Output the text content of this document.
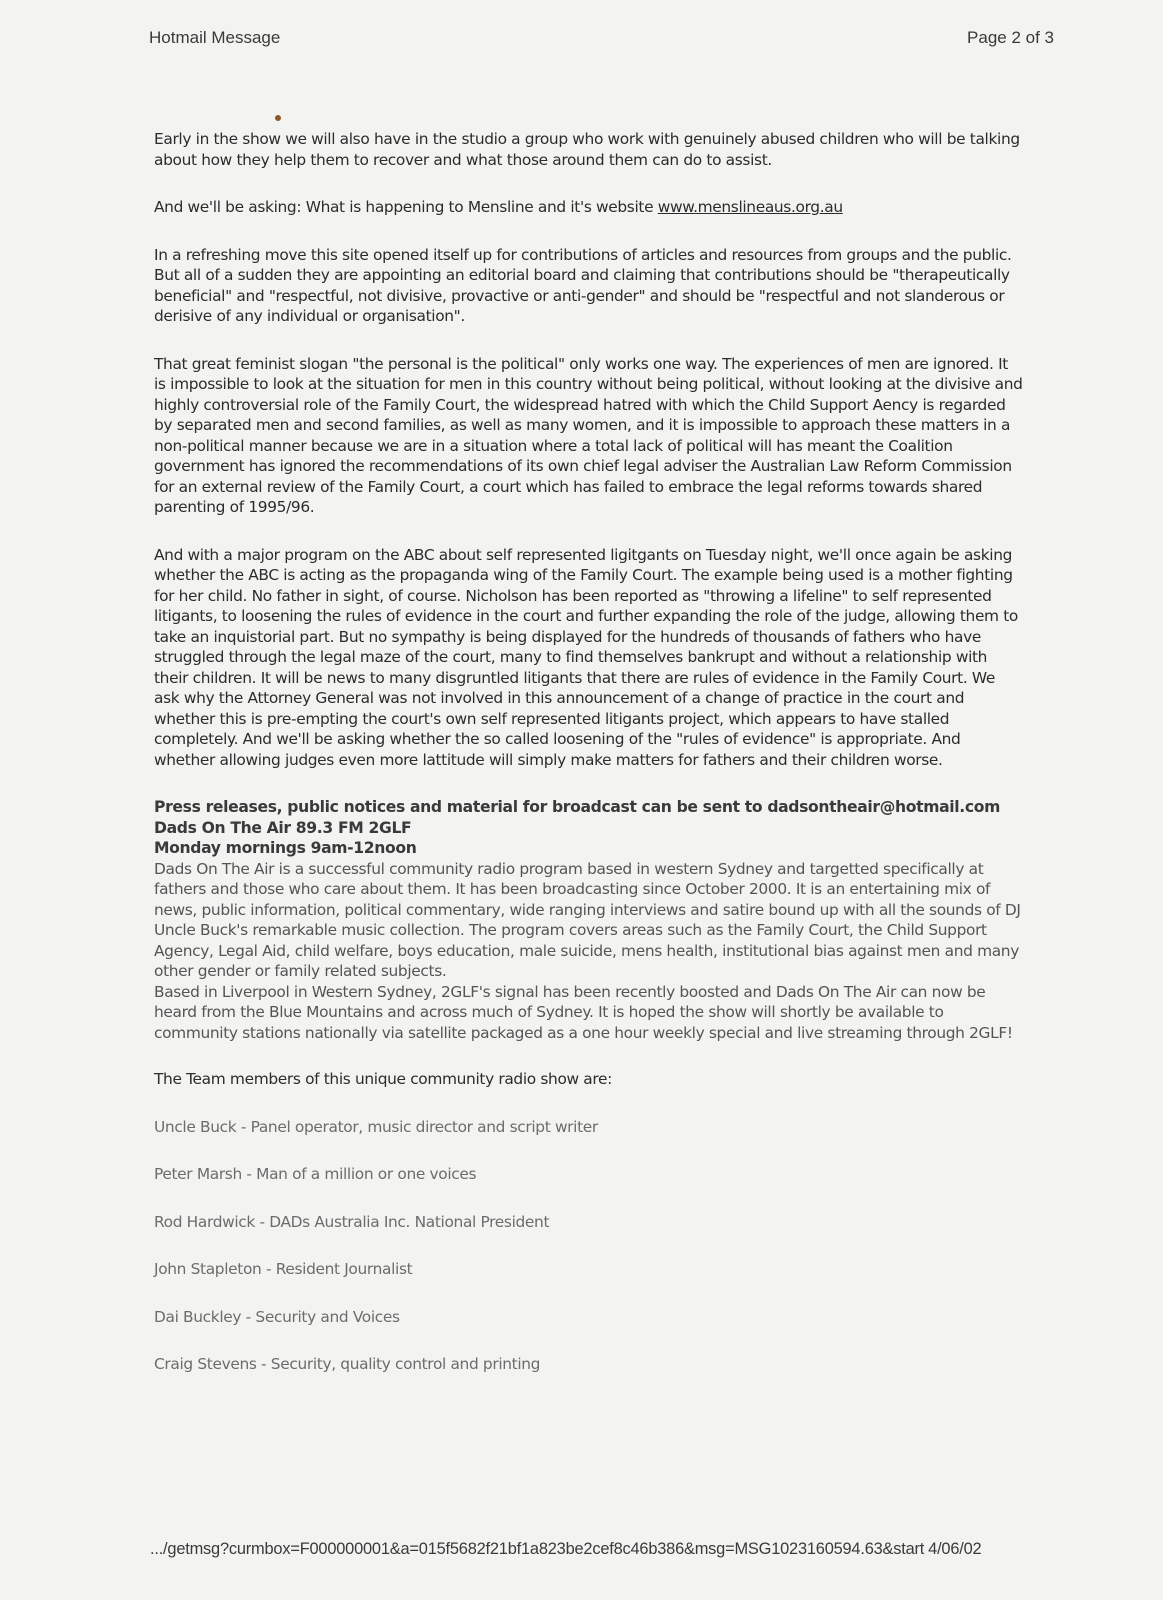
Hotmail Message	Page 2 of 3

Early in the show we will also have in the studio a group who work with genuinely abused children who will be talking about how they help them to recover and what those around them can do to assist.

And we'll be asking: What is happening to Mensline and it's website www.menslineaus.org.au

In a refreshing move this site opened itself up for contributions of articles and resources from groups and the public. But all of a sudden they are appointing an editorial board and claiming that contributions should be "therapeutically beneficial" and "respectful, not divisive, provactive or anti-gender" and should be "respectful and not slanderous or derisive of any individual or organisation".

That great feminist slogan "the personal is the political" only works one way. The experiences of men are ignored. It is impossible to look at the situation for men in this country without being political, without looking at the divisive and highly controversial role of the Family Court, the widespread hatred with which the Child Support Aency is regarded by separated men and second families, as well as many women, and it is impossible to approach these matters in a non-political manner because we are in a situation where a total lack of political will has meant the Coalition government has ignored the recommendations of its own chief legal adviser the Australian Law Reform Commission for an external review of the Family Court, a court which has failed to embrace the legal reforms towards shared parenting of 1995/96.

And with a major program on the ABC about self represented ligitgants on Tuesday night, we'll once again be asking whether the ABC is acting as the propaganda wing of the Family Court. The example being used is a mother fighting for her child. No father in sight, of course. Nicholson has been reported as "throwing a lifeline" to self represented litigants, to loosening the rules of evidence in the court and further expanding the role of the judge, allowing them to take an inquistorial part. But no sympathy is being displayed for the hundreds of thousands of fathers who have struggled through the legal maze of the court, many to find themselves bankrupt and without a relationship with their children. It will be news to many disgruntled litigants that there are rules of evidence in the Family Court. We ask why the Attorney General was not involved in this announcement of a change of practice in the court and whether this is pre-empting the court's own self represented litigants project, which appears to have stalled completely. And we'll be asking whether the so called loosening of the "rules of evidence" is appropriate. And whether allowing judges even more lattitude will simply make matters for fathers and their children worse.

Press releases, public notices and material for broadcast can be sent to dadsontheair@hotmail.com
Dads On The Air 89.3 FM 2GLF
Monday mornings 9am-12noon
Dads On The Air is a successful community radio program based in western Sydney and targetted specifically at fathers and those who care about them. It has been broadcasting since October 2000. It is an entertaining mix of news, public information, political commentary, wide ranging interviews and satire bound up with all the sounds of DJ Uncle Buck's remarkable music collection. The program covers areas such as the Family Court, the Child Support Agency, Legal Aid, child welfare, boys education, male suicide, mens health, institutional bias against men and many other gender or family related subjects.
Based in Liverpool in Western Sydney, 2GLF's signal has been recently boosted and Dads On The Air can now be heard from the Blue Mountains and across much of Sydney. It is hoped the show will shortly be available to community stations nationally via satellite packaged as a one hour weekly special and live streaming through 2GLF!

The Team members of this unique community radio show are:

Uncle Buck - Panel operator, music director and script writer
Peter Marsh - Man of a million or one voices
Rod Hardwick - DADs Australia Inc. National President
John Stapleton - Resident Journalist
Dai Buckley - Security and Voices
Craig Stevens - Security, quality control and printing
.../getmsg?curmbox=F000000001&a=015f5682f21bf1a823be2cef8c46b386&msg=MSG1023160594.63&start 4/06/02
